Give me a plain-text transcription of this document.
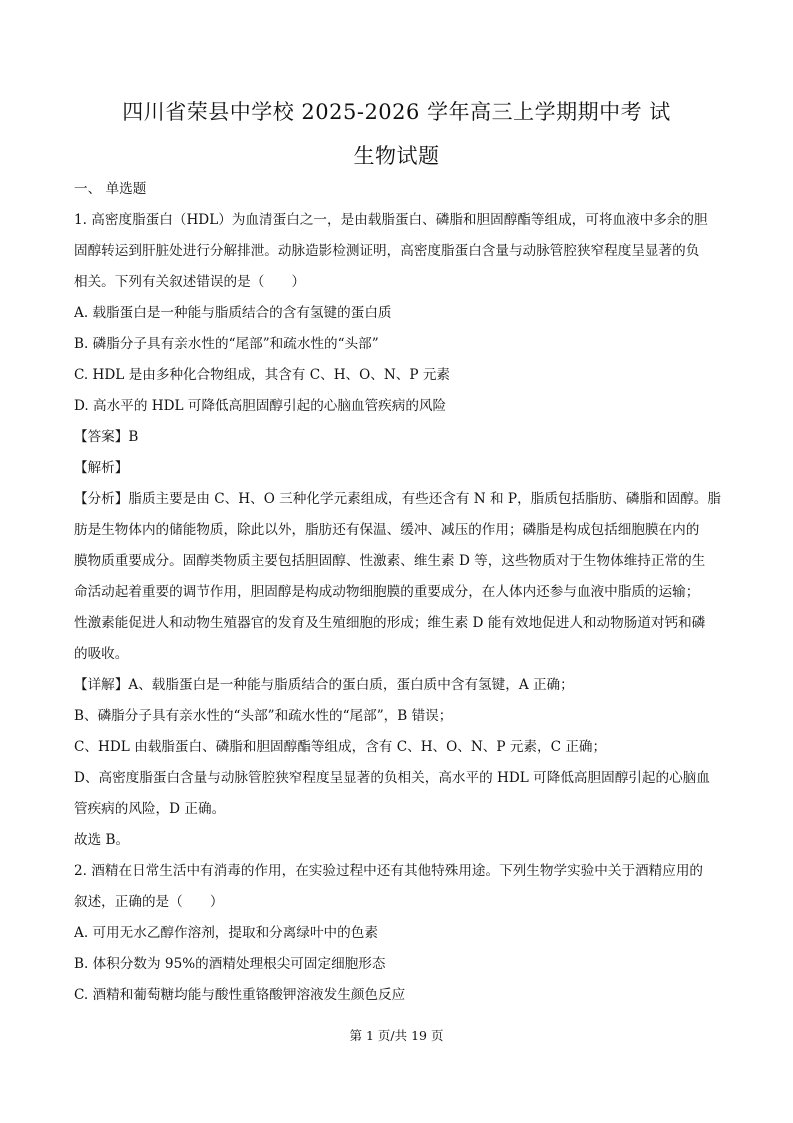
四川省荣县中学校 2025-2026 学年高三上学期期中考 试
生物试题
一、 单选题
1. 高密度脂蛋白（HDL）为血清蛋白之一，是由载脂蛋白、磷脂和胆固醇酯等组成，可将血液中多余的胆
固醇转运到肝脏处进行分解排泄。动脉造影检测证明，高密度脂蛋白含量与动脉管腔狭窄程度呈显著的负
相关。下列有关叙述错误的是（　　）
A. 载脂蛋白是一种能与脂质结合的含有氢键的蛋白质
B. 磷脂分子具有亲水性的“尾部”和疏水性的“头部”
C. HDL 是由多种化合物组成，其含有 C、H、O、N、P 元素
D. 高水平的 HDL 可降低高胆固醇引起的心脑血管疾病的风险
【答案】B
【解析】
【分析】脂质主要是由 C、H、O 三种化学元素组成，有些还含有 N 和 P，脂质包括脂肪、磷脂和固醇。脂
肪是生物体内的储能物质，除此以外，脂肪还有保温、缓冲、减压的作用；磷脂是构成包括细胞膜在内的
膜物质重要成分。固醇类物质主要包括胆固醇、性激素、维生素 D 等，这些物质对于生物体维持正常的生
命活动起着重要的调节作用，胆固醇是构成动物细胞膜的重要成分，在人体内还参与血液中脂质的运输；
性激素能促进人和动物生殖器官的发育及生殖细胞的形成；维生素 D 能有效地促进人和动物肠道对钙和磷
的吸收。
【详解】A、载脂蛋白是一种能与脂质结合的蛋白质，蛋白质中含有氢键，A 正确；
B、磷脂分子具有亲水性的“头部”和疏水性的“尾部”，B 错误；
C、HDL 由载脂蛋白、磷脂和胆固醇酯等组成，含有 C、H、O、N、P 元素，C 正确；
D、高密度脂蛋白含量与动脉管腔狭窄程度呈显著的负相关，高水平的 HDL 可降低高胆固醇引起的心脑血
管疾病的风险，D 正确。
故选 B。
2. 酒精在日常生活中有消毒的作用，在实验过程中还有其他特殊用途。下列生物学实验中关于酒精应用的
叙述，正确的是（　　）
A. 可用无水乙醇作溶剂，提取和分离绿叶中的色素
B. 体积分数为 95%的酒精处理根尖可固定细胞形态
C. 酒精和葡萄糖均能与酸性重铬酸钾溶液发生颜色反应
第 1 页/共 19 页
